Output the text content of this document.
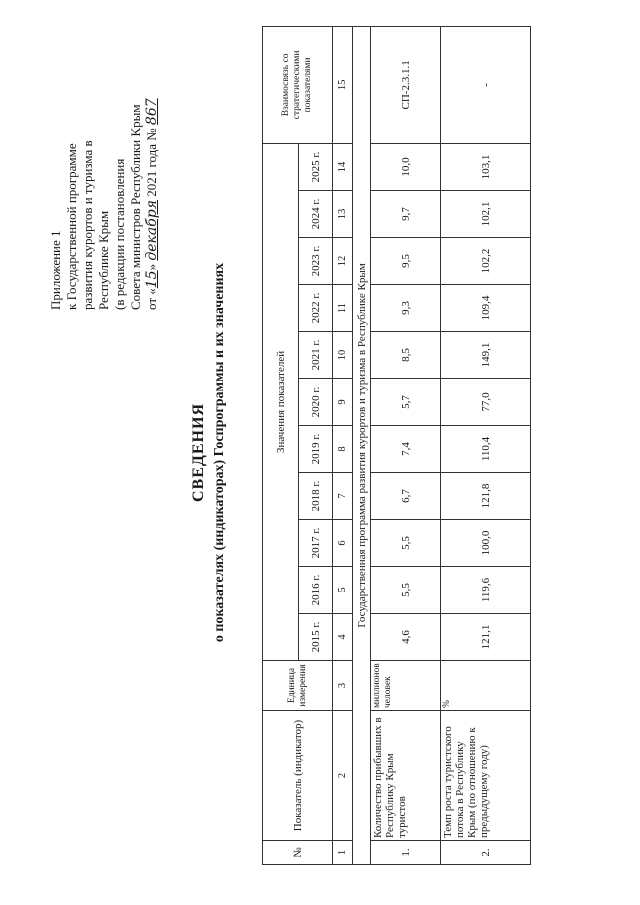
Приложение 1 к Государственной программе развития курортов и туризма в Республике Крым (в редакции постановления Совета министров Республики Крым от «15» декабря 2021 года № 867
СВЕДЕНИЯ о показателях (индикаторах) Госпрограммы и их значениях
№	Показатель (индикатор)	Единица измерения	Значения показателей											Взаимосвязь со стратегическими показателями
			2015 г.	2016 г.	2017 г.	2018 г.	2019 г.	2020 г.	2021 г.	2022 г.	2023 г.	2024 г.	2025 г.	
1	2	3	4	5	6	7	8	9	10	11	12	13	14	15
Государственная программа развития курортов и туризма в Республике Крым														
1.	Количество прибывших в Республику Крым туристов	миллионов человек	4,6	5,5	5,5	6,7	7,4	5,7	8,5	9,3	9,5	9,7	10,0	СП-2.3.1.1
2.	Темп роста туристского потока в Республику Крым (по отношению к предыдущему году)	%	121,1	119,6	100,0	121,8	110,4	77,0	149,1	109,4	102,2	102,1	103,1	-
